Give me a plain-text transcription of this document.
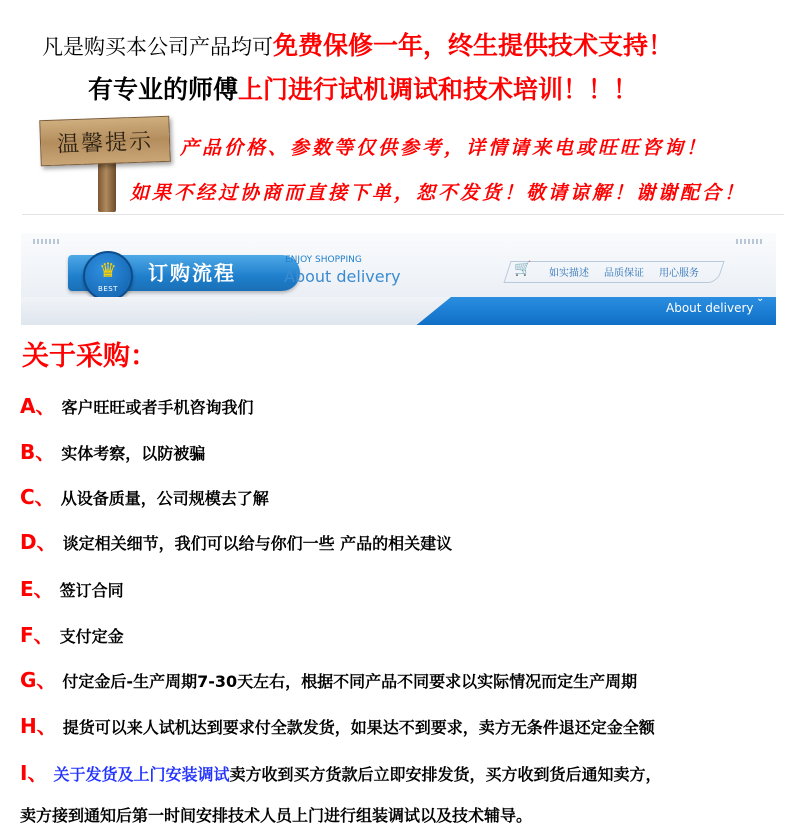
凡是购买本公司产品均可免费保修一年，终生提供技术支持！
有专业的师傅上门进行试机调试和技术培训！！！
温馨提示	产品价格、参数等仅供参考，详情请来电或旺旺咨询！
如果不经过协商而直接下单，恕不发货！敬请谅解！谢谢配合！
♛
BEST
订购流程
ENJOY SHOPPING
About delivery	🛒 如实描述 品质保证 用心服务
About delivery
⌄
关于采购：
A、 客户旺旺或者手机咨询我们
B、 实体考察，以防被骗
C、 从设备质量，公司规模去了解
D、 谈定相关细节，我们可以给与你们一些 产品的相关建议
E、 签订合同
F、 支付定金
G、 付定金后-生产周期7-30天左右，根据不同产品不同要求以实际情况而定生产周期
H、 提货可以来人试机达到要求付全款发货，如果达不到要求，卖方无条件退还定金全额
I、 关于发货及上门安装调试卖方收到买方货款后立即安排发货，买方收到货后通知卖方，
卖方接到通知后第一时间安排技术人员上门进行组装调试以及技术辅导。
